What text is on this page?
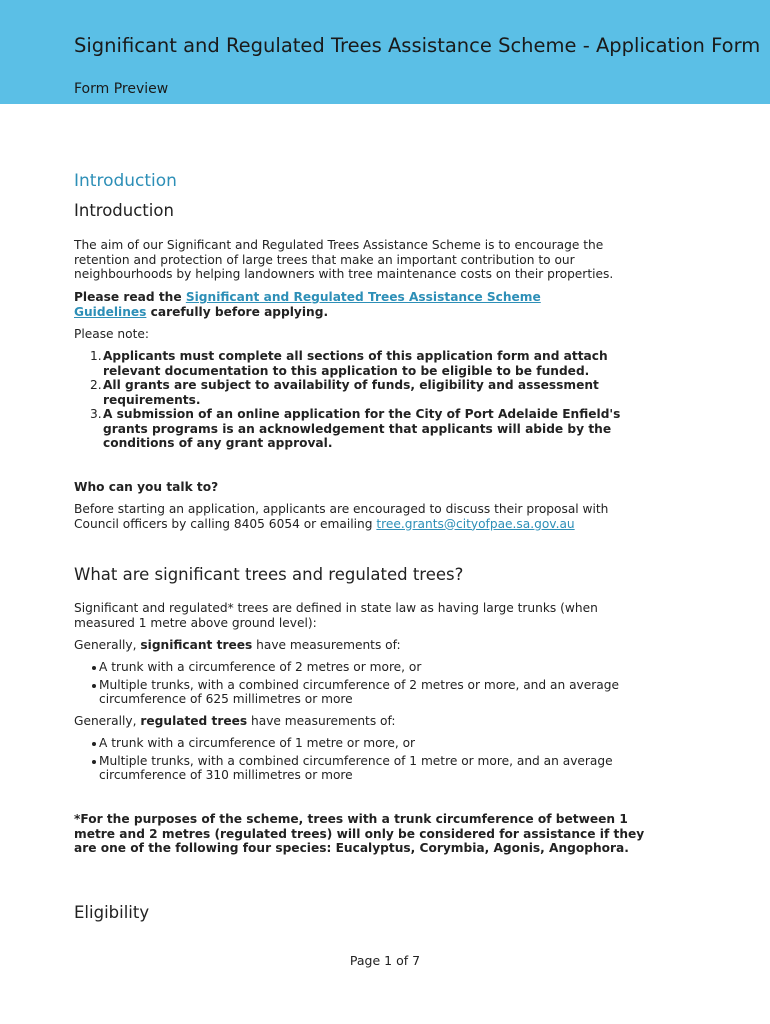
Significant and Regulated Trees Assistance Scheme - Application Form
Form Preview
Introduction
Introduction

The aim of our Significant and Regulated Trees Assistance Scheme is to encourage the retention and protection of large trees that make an important contribution to our neighbourhoods by helping landowners with tree maintenance costs on their properties.

Please read the Significant and Regulated Trees Assistance Scheme Guidelines carefully before applying.

Please note:

1. Applicants must complete all sections of this application form and attach relevant documentation to this application to be eligible to be funded.
2. All grants are subject to availability of funds, eligibility and assessment requirements.
3. A submission of an online application for the City of Port Adelaide Enfield's grants programs is an acknowledgement that applicants will abide by the conditions of any grant approval.

Who can you talk to?

Before starting an application, applicants are encouraged to discuss their proposal with Council officers by calling 8405 6054 or emailing tree.grants@cityofpae.sa.gov.au

What are significant trees and regulated trees?

Significant and regulated* trees are defined in state law as having large trunks (when measured 1 metre above ground level):

Generally, significant trees have measurements of:

A trunk with a circumference of 2 metres or more, or
Multiple trunks, with a combined circumference of 2 metres or more, and an average circumference of 625 millimetres or more

Generally, regulated trees have measurements of:

A trunk with a circumference of 1 metre or more, or
Multiple trunks, with a combined circumference of 1 metre or more, and an average circumference of 310 millimetres or more

*For the purposes of the scheme, trees with a trunk circumference of between 1 metre and 2 metres (regulated trees) will only be considered for assistance if they are one of the following four species: Eucalyptus, Corymbia, Agonis, Angophora.

Eligibility
Page 1 of 7
